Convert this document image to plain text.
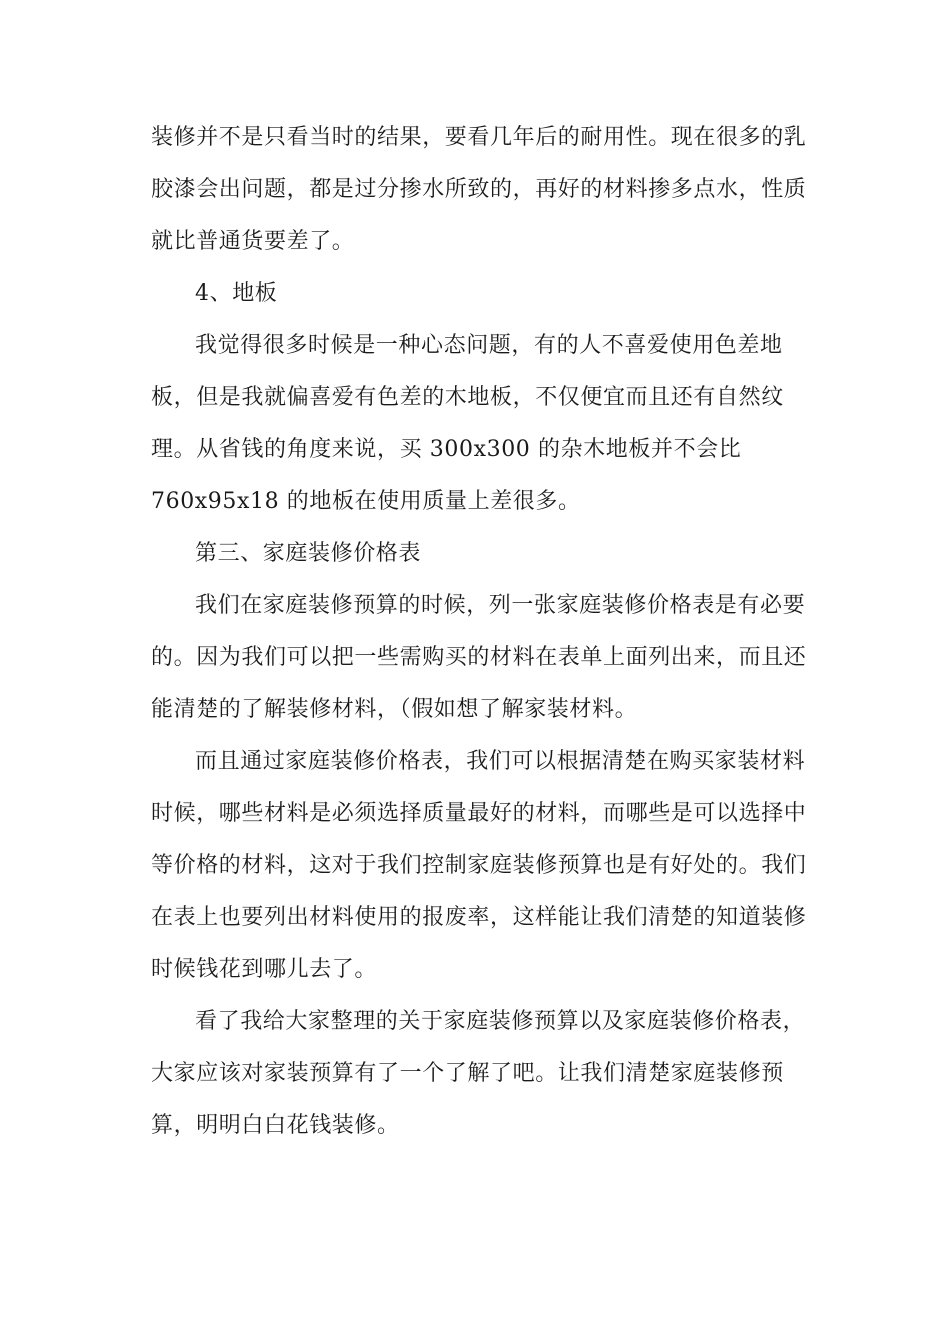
装修并不是只看当时的结果，要看几年后的耐用性。现在很多的乳
胶漆会出问题，都是过分掺水所致的，再好的材料掺多点水，性质
就比普通货要差了。
4、地板
我觉得很多时候是一种心态问题，有的人不喜爱使用色差地
板，但是我就偏喜爱有色差的木地板，不仅便宜而且还有自然纹
理。从省钱的角度来说，买 300x300 的杂木地板并不会比
760x95x18 的地板在使用质量上差很多。
第三、家庭装修价格表
我们在家庭装修预算的时候，列一张家庭装修价格表是有必要
的。因为我们可以把一些需购买的材料在表单上面列出来，而且还
能清楚的了解装修材料，（假如想了解家装材料。
而且通过家庭装修价格表，我们可以根据清楚在购买家装材料
时候，哪些材料是必须选择质量最好的材料，而哪些是可以选择中
等价格的材料，这对于我们控制家庭装修预算也是有好处的。我们
在表上也要列出材料使用的报废率，这样能让我们清楚的知道装修
时候钱花到哪儿去了。
看了我给大家整理的关于家庭装修预算以及家庭装修价格表，
大家应该对家装预算有了一个了解了吧。让我们清楚家庭装修预
算，明明白白花钱装修。
